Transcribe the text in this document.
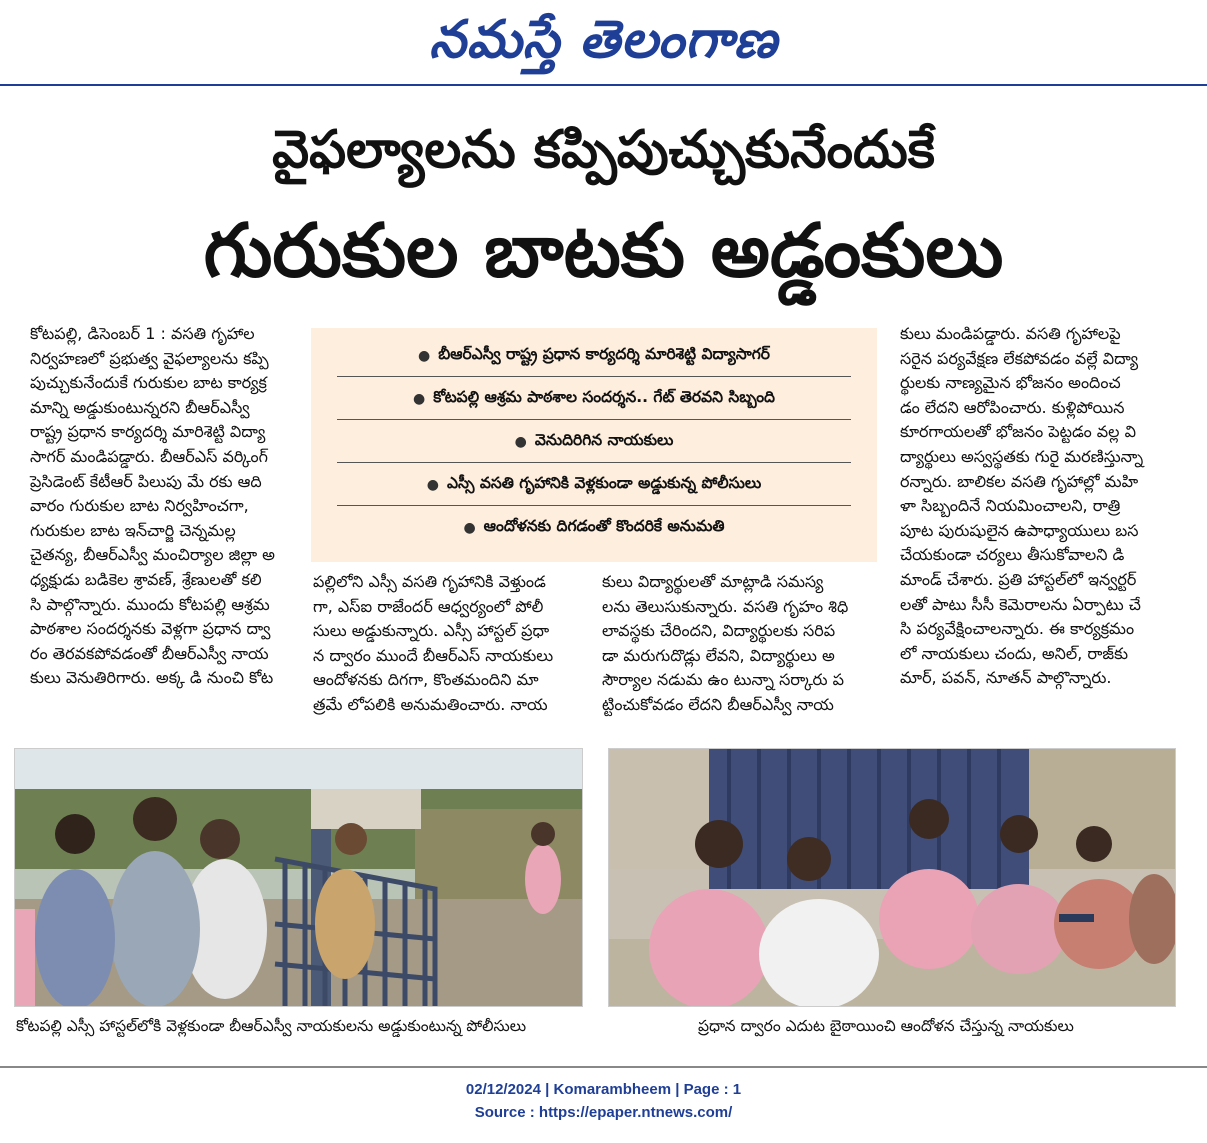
నమస్తే తెలంగాణ
వైఫల్యాలను కప్పిపుచ్చుకునేందుకే
గురుకుల బాటకు అడ్డంకులు

కోటపల్లి, డిసెంబర్ 1 : వసతి గృహాల

నిర్వహణలో ప్రభుత్వ వైఫల్యాలను కప్పి

పుచ్చుకునేందుకే గురుకుల బాట కార్యక్ర

మాన్ని అడ్డుకుంటున్నరని బీఆర్ఎస్వీ

రాష్ట్ర ప్రధాన కార్యదర్శి మారిశెట్టి విద్యా

సాగర్ మండిపడ్డారు. బీఆర్ఎస్ వర్కింగ్

ప్రెసిడెంట్ కేటీఆర్ పిలుపు మే రకు ఆది

వారం గురుకుల బాట నిర్వహించగా,

గురుకుల బాట ఇన్‌చార్జి చెన్నమల్ల

చైతన్య, బీఆర్ఎస్వీ మంచిర్యాల జిల్లా అ

ధ్యక్షుడు బడికెల శ్రావణ్, శ్రేణులతో కలి

సి పాల్గొన్నారు. ముందు కోటపల్లి ఆశ్రమ

పాఠశాల సందర్శనకు వెళ్లగా ప్రధాన ద్వా

రం తెరవకపోవడంతో బీఆర్ఎస్వీ నాయ

కులు వెనుతిరిగారు. అక్క డి నుంచి కోట

● బీఆర్ఎస్వీ రాష్ట్ర ప్రధాన కార్యదర్శి మారిశెట్టి విద్యాసాగర్
● కోటపల్లి ఆశ్రమ పాఠశాల సందర్శన.. గేట్ తెరవని సిబ్బంది
● వెనుదిరిగిన నాయకులు
● ఎస్సీ వసతి గృహానికి వెళ్లకుండా అడ్డుకున్న పోలీసులు
● ఆందోళనకు దిగడంతో కొందరికే అనుమతి

పల్లిలోని ఎస్సీ వసతి గృహానికి వెళ్తుండ

గా, ఎస్ఐ రాజేందర్ ఆధ్వర్యంలో పోలీ

సులు అడ్డుకున్నారు. ఎస్సీ హాస్టల్ ప్రధా

న ద్వారం ముందే బీఆర్ఎస్ నాయకులు

ఆందోళనకు దిగగా, కొంతమందిని మా

త్రమే లోపలికి అనుమతించారు. నాయ

కులు విద్యార్థులతో మాట్లాడి సమస్య

లను తెలుసుకున్నారు. వసతి గృహం శిధి

లావస్థకు చేరిందని, విద్యార్థులకు సరిప

డా మరుగుదొడ్లు లేవని, విద్యార్థులు అ

సౌర్యాల నడుమ ఉం టున్నా సర్కారు ప

ట్టించుకోవడం లేదని బీఆర్ఎస్వీ నాయ

కులు మండిపడ్డారు. వసతి గృహాలపై

సరైన పర్యవేక్షణ లేకపోవడం వల్లే విద్యా

ర్థులకు నాణ్యమైన భోజనం అందించ

డం లేదని ఆరోపించారు. కుళ్లిపోయిన

కూరగాయలతో భోజనం పెట్టడం వల్ల వి

ద్యార్థులు అస్వస్థతకు గురై మరణిస్తున్నా

రన్నారు. బాలికల వసతి గృహాల్లో మహి

ళా సిబ్బందినే నియమించాలని, రాత్రి

పూట పురుషులైన ఉపాధ్యాయులు బస

చేయకుండా చర్యలు తీసుకోవాలని డి

మాండ్ చేశారు. ప్రతి హాస్టల్‌లో ఇన్వర్టర్

లతో పాటు సీసీ కెమెరాలను ఏర్పాటు చే

సి పర్యవేక్షించాలన్నారు. ఈ కార్యక్రమం

లో నాయకులు చందు, అనిల్, రాజ్‌కు

మార్, పవన్, నూతన్ పాల్గొన్నారు.

కోటపల్లి ఎస్సీ హాస్టల్‌లోకి వెళ్లకుండా బీఆర్ఎస్వీ నాయకులను అడ్డుకుంటున్న పోలీసులు	ప్రధాన ద్వారం ఎదుట బైఠాయించి ఆందోళన చేస్తున్న నాయకులు
02/12/2024 | Komarambheem | Page : 1
Source : https://epaper.ntnews.com/
